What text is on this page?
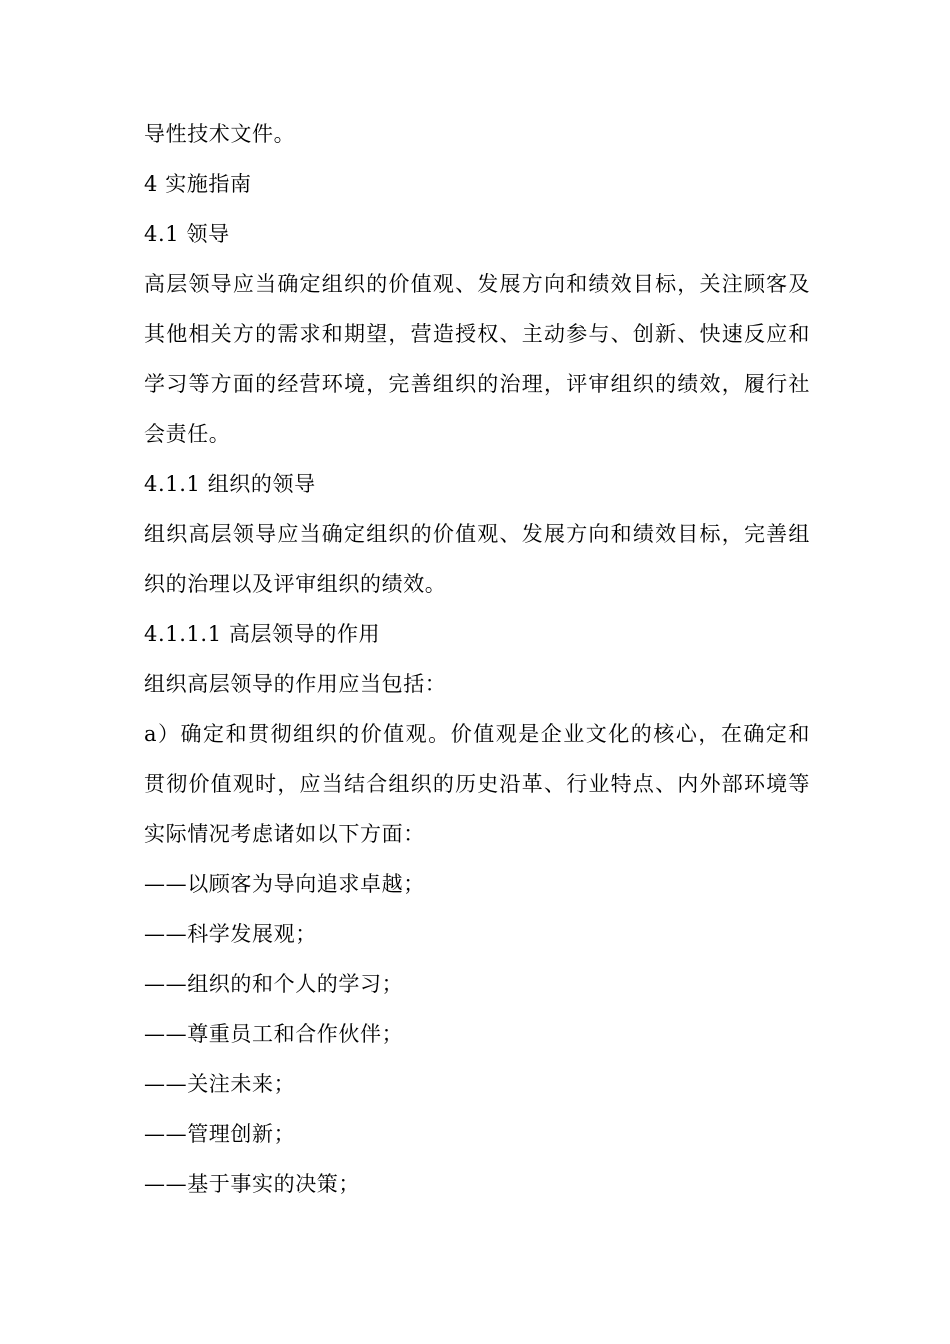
导性技术文件。
4 实施指南
4.1 领导
高层领导应当确定组织的价值观、发展方向和绩效目标，关注顾客及
其他相关方的需求和期望，营造授权、主动参与、创新、快速反应和
学习等方面的经营环境，完善组织的治理，评审组织的绩效，履行社
会责任。
4.1.1 组织的领导
组织高层领导应当确定组织的价值观、发展方向和绩效目标，完善组
织的治理以及评审组织的绩效。
4.1.1.1 高层领导的作用
组织高层领导的作用应当包括：
a）确定和贯彻组织的价值观。价值观是企业文化的核心，在确定和
贯彻价值观时，应当结合组织的历史沿革、行业特点、内外部环境等
实际情况考虑诸如以下方面：
——以顾客为导向追求卓越；
——科学发展观；
——组织的和个人的学习；
——尊重员工和合作伙伴；
——关注未来；
——管理创新；
——基于事实的决策；
